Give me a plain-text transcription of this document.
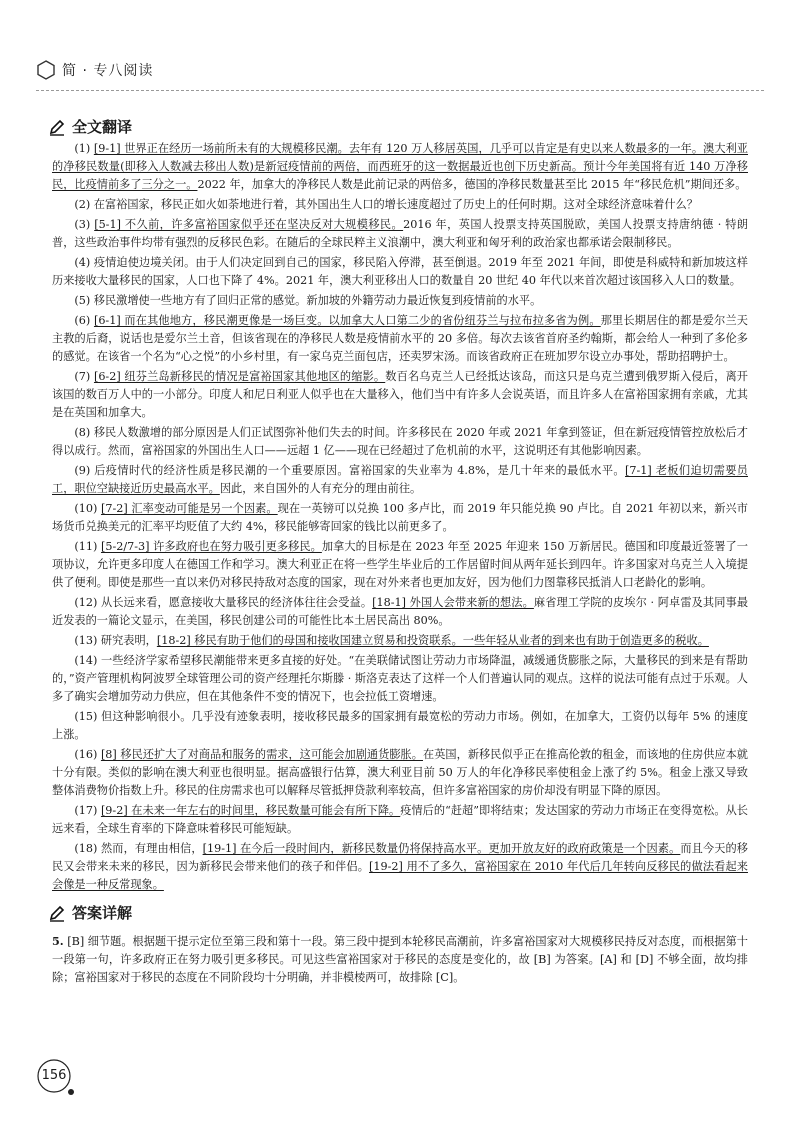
简 · 专八阅读
全文翻译

(1) [9-1] 世界正在经历一场前所未有的大规模移民潮。去年有 120 万人移居英国，几乎可以肯定是有史以来人数最多的一年。澳大利亚的净移民数量(即移入人数减去移出人数)是新冠疫情前的两倍，而西班牙的这一数据最近也创下历史新高。预计今年美国将有近 140 万净移民，比疫情前多了三分之一。2022 年，加拿大的净移民人数是此前记录的两倍多，德国的净移民数量甚至比 2015 年“移民危机”期间还多。

(2) 在富裕国家，移民正如火如荼地进行着，其外国出生人口的增长速度超过了历史上的任何时期。这对全球经济意味着什么？

(3) [5-1] 不久前，许多富裕国家似乎还在坚决反对大规模移民。2016 年，英国人投票支持英国脱欧，美国人投票支持唐纳德 · 特朗普，这些政治事件均带有强烈的反移民色彩。在随后的全球民粹主义浪潮中，澳大利亚和匈牙利的政治家也都承诺会限制移民。

(4) 疫情迫使边境关闭。由于人们决定回到自己的国家，移民陷入停滞，甚至倒退。2019 年至 2021 年间，即使是科威特和新加坡这样历来接收大量移民的国家，人口也下降了 4%。2021 年，澳大利亚移出人口的数量自 20 世纪 40 年代以来首次超过该国移入人口的数量。

(5) 移民激增使一些地方有了回归正常的感觉。新加坡的外籍劳动力最近恢复到疫情前的水平。

(6) [6-1] 而在其他地方，移民潮更像是一场巨变。以加拿大人口第二少的省份纽芬兰与拉布拉多省为例。那里长期居住的都是爱尔兰天主教的后裔，说话也是爱尔兰土音，但该省现在的净移民人数是疫情前水平的 20 多倍。每次去该省首府圣约翰斯，都会给人一种到了多伦多的感觉。在该省一个名为“心之悦”的小乡村里，有一家乌克兰面包店，还卖罗宋汤。而该省政府正在班加罗尔设立办事处，帮助招聘护士。

(7) [6-2] 纽芬兰岛新移民的情况是富裕国家其他地区的缩影。数百名乌克兰人已经抵达该岛，而这只是乌克兰遭到俄罗斯入侵后，离开该国的数百万人中的一小部分。印度人和尼日利亚人似乎也在大量移入，他们当中有许多人会说英语，而且许多人在富裕国家拥有亲戚，尤其是在英国和加拿大。

(8) 移民人数激增的部分原因是人们正试图弥补他们失去的时间。许多移民在 2020 年或 2021 年拿到签证，但在新冠疫情管控放松后才得以成行。然而，富裕国家的外国出生人口——远超 1 亿——现在已经超过了危机前的水平，这说明还有其他影响因素。

(9) 后疫情时代的经济性质是移民潮的一个重要原因。富裕国家的失业率为 4.8%，是几十年来的最低水平。[7-1] 老板们迫切需要员工，职位空缺接近历史最高水平。因此，来自国外的人有充分的理由前往。

(10) [7-2] 汇率变动可能是另一个因素。现在一英镑可以兑换 100 多卢比，而 2019 年只能兑换 90 卢比。自 2021 年初以来，新兴市场货币兑换美元的汇率平均贬值了大约 4%，移民能够寄回家的钱比以前更多了。

(11) [5-2/7-3] 许多政府也在努力吸引更多移民。加拿大的目标是在 2023 年至 2025 年迎来 150 万新居民。德国和印度最近签署了一项协议，允许更多印度人在德国工作和学习。澳大利亚正在将一些学生毕业后的工作居留时间从两年延长到四年。许多国家对乌克兰人入境提供了便利。即使是那些一直以来仍对移民持敌对态度的国家，现在对外来者也更加友好，因为他们力图靠移民抵消人口老龄化的影响。

(12) 从长远来看，愿意接收大量移民的经济体往往会受益。[18-1] 外国人会带来新的想法。麻省理工学院的皮埃尔 · 阿卓雷及其同事最近发表的一篇论文显示，在美国，移民创建公司的可能性比本土居民高出 80%。

(13) 研究表明，[18-2] 移民有助于他们的母国和接收国建立贸易和投资联系。一些年轻从业者的到来也有助于创造更多的税收。

(14) 一些经济学家希望移民潮能带来更多直接的好处。“在美联储试图让劳动力市场降温，减缓通货膨胀之际，大量移民的到来是有帮助的，”资产管理机构阿波罗全球管理公司的资产经理托尔斯滕 · 斯洛克表达了这样一个人们普遍认同的观点。这样的说法可能有点过于乐观。人多了确实会增加劳动力供应，但在其他条件不变的情况下，也会拉低工资增速。

(15) 但这种影响很小。几乎没有迹象表明，接收移民最多的国家拥有最宽松的劳动力市场。例如，在加拿大，工资仍以每年 5% 的速度上涨。

(16) [8] 移民还扩大了对商品和服务的需求，这可能会加剧通货膨胀。在英国，新移民似乎正在推高伦敦的租金，而该地的住房供应本就十分有限。类似的影响在澳大利亚也很明显。据高盛银行估算，澳大利亚目前 50 万人的年化净移民率使租金上涨了约 5%。租金上涨又导致整体消费物价指数上升。移民的住房需求也可以解释尽管抵押贷款利率较高，但许多富裕国家的房价却没有明显下降的原因。

(17) [9-2] 在未来一年左右的时间里，移民数量可能会有所下降。疫情后的“赶超”即将结束；发达国家的劳动力市场正在变得宽松。从长远来看，全球生育率的下降意味着移民可能短缺。

(18) 然而，有理由相信，[19-1] 在今后一段时间内，新移民数量仍将保持高水平。更加开放友好的政府政策是一个因素。而且今天的移民又会带来未来的移民，因为新移民会带来他们的孩子和伴侣。[19-2] 用不了多久，富裕国家在 2010 年代后几年转向反移民的做法看起来会像是一种反常现象。

答案详解

5. [B] 细节题。根据题干提示定位至第三段和第十一段。第三段中提到本轮移民高潮前，许多富裕国家对大规模移民持反对态度，而根据第十一段第一句，许多政府正在努力吸引更多移民。可见这些富裕国家对于移民的态度是变化的，故 [B] 为答案。[A] 和 [D] 不够全面，故均排除；富裕国家对于移民的态度在不同阶段均十分明确，并非模棱两可，故排除 [C]。

156
